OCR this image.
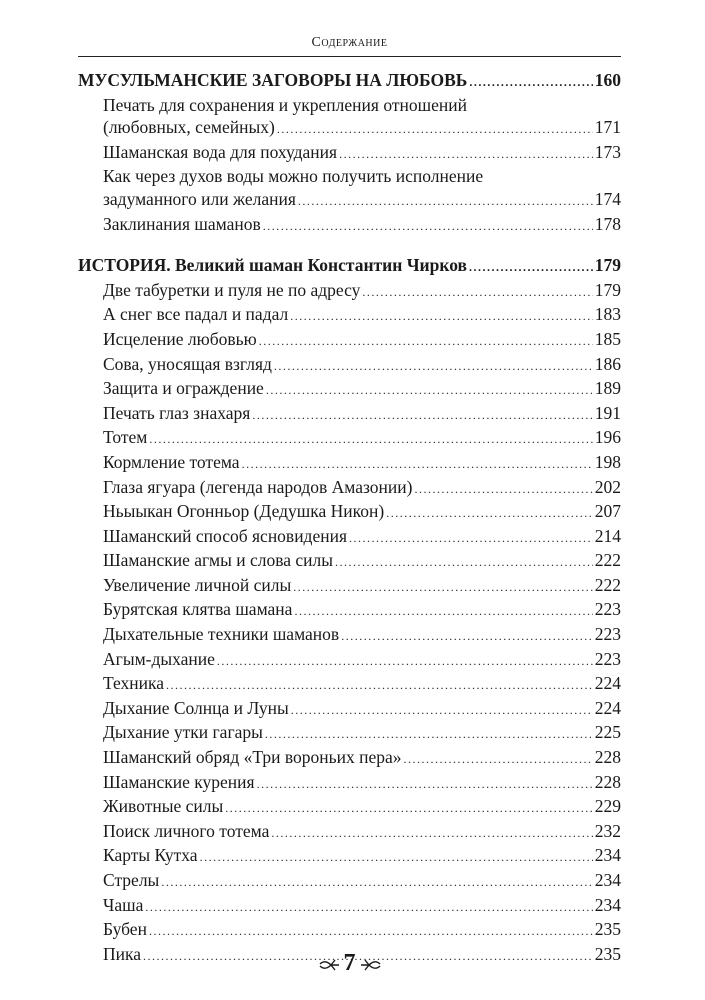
Содержание
МУСУЛЬМАНСКИЕ ЗАГОВОРЫ НА ЛЮБОВЬ .....	160
Печать для сохранения и укрепления отношений
(любовных, семейных) .....	171
Шаманская вода для похудания .....	173
Как через духов воды можно получить исполнение
задуманного или желания .....	174
Заклинания шаманов .....	178
ИСТОРИЯ. Великий шаман Константин Чирков .....	179
Две табуретки и пуля не по адресу .....	179
А снег все падал и падал .....	183
Исцеление любовью .....	185
Сова, уносящая взгляд .....	186
Защита и ограждение .....	189
Печать глаз знахаря .....	191
Тотем .....	196
Кормление тотема .....	198
Глаза ягуара (легенда народов Амазонии) .....	202
Ньыыкан Огонньор (Дедушка Никон) .....	207
Шаманский способ ясновидения .....	214
Шаманские агмы и слова силы .....	222
Увеличение личной силы .....	222
Бурятская клятва шамана .....	223
Дыхательные техники шаманов .....	223
Агым-дыхание .....	223
Техника .....	224
Дыхание Солнца и Луны .....	224
Дыхание утки гагары .....	225
Шаманский обряд «Три вороньих пера» .....	228
Шаманские курения .....	228
Животные силы .....	229
Поиск личного тотема .....	232
Карты Кутха .....	234
Стрелы .....	234
Чаша .....	234
Бубен .....	235
Пика .....	235
7
